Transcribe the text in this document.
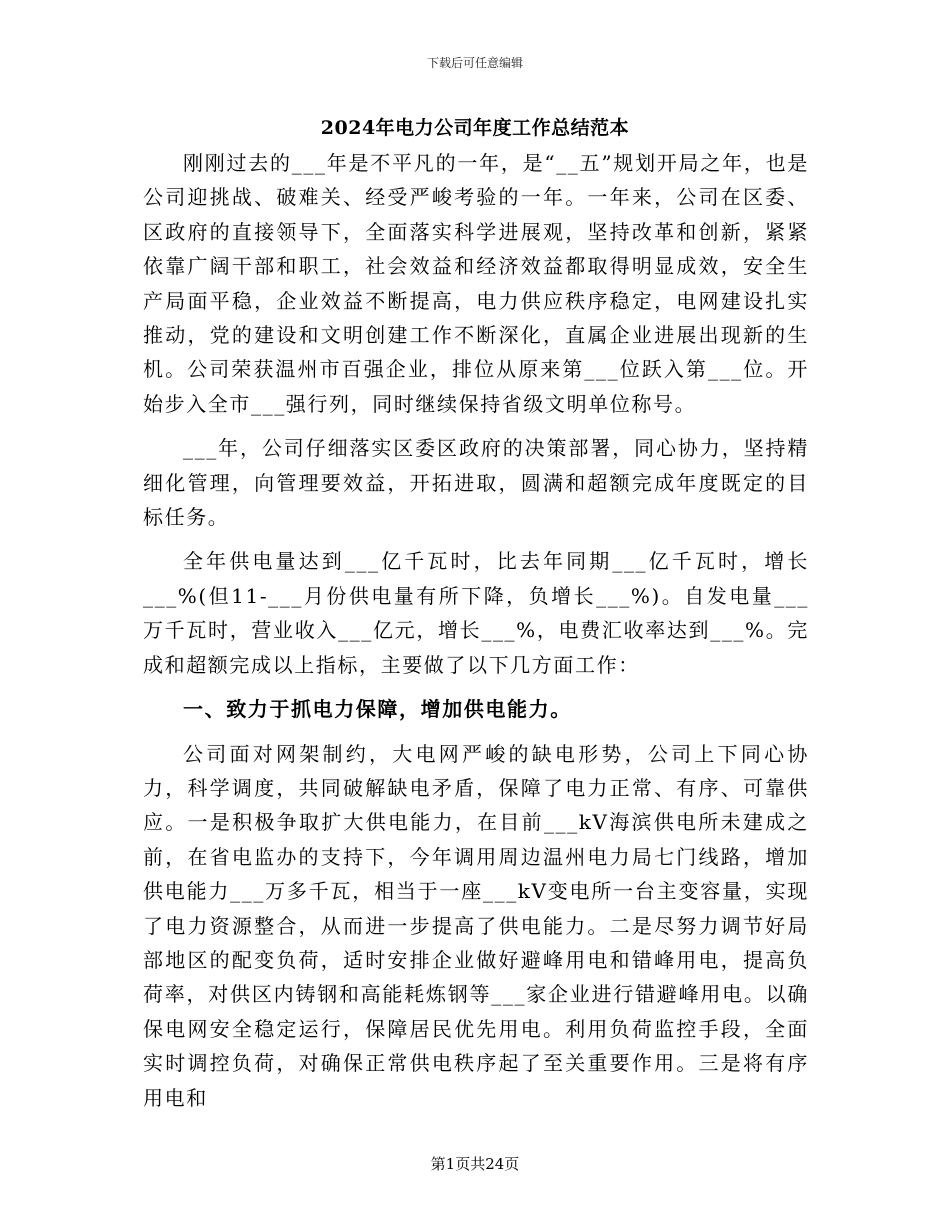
下载后可任意编辑
2024年电力公司年度工作总结范本

刚刚过去的___年是不平凡的一年，是“__五”规划开局之年，也是公司迎挑战、破难关、经受严峻考验的一年。一年来，公司在区委、区政府的直接领导下，全面落实科学进展观，坚持改革和创新，紧紧依靠广阔干部和职工，社会效益和经济效益都取得明显成效，安全生产局面平稳，企业效益不断提高，电力供应秩序稳定，电网建设扎实推动，党的建设和文明创建工作不断深化，直属企业进展出现新的生机。公司荣获温州市百强企业，排位从原来第___位跃入第___位。开始步入全市___强行列，同时继续保持省级文明单位称号。

___年，公司仔细落实区委区政府的决策部署，同心协力，坚持精细化管理，向管理要效益，开拓进取，圆满和超额完成年度既定的目标任务。

全年供电量达到___亿千瓦时，比去年同期___亿千瓦时，增长___%(但11-___月份供电量有所下降，负增长___%)。自发电量___万千瓦时，营业收入___亿元，增长___%，电费汇收率达到___%。完成和超额完成以上指标，主要做了以下几方面工作：

一、致力于抓电力保障，增加供电能力。

公司面对网架制约，大电网严峻的缺电形势，公司上下同心协力，科学调度，共同破解缺电矛盾，保障了电力正常、有序、可靠供应。一是积极争取扩大供电能力，在目前___kV海滨供电所未建成之前，在省电监办的支持下，今年调用周边温州电力局七门线路，增加供电能力___万多千瓦，相当于一座___kV变电所一台主变容量，实现了电力资源整合，从而进一步提高了供电能力。二是尽努力调节好局部地区的配变负荷，适时安排企业做好避峰用电和错峰用电，提高负荷率，对供区内铸钢和高能耗炼钢等___家企业进行错避峰用电。以确保电网安全稳定运行，保障居民优先用电。利用负荷监控手段，全面实时调控负荷，对确保正常供电秩序起了至关重要作用。三是将有序用电和

第1页共24页
